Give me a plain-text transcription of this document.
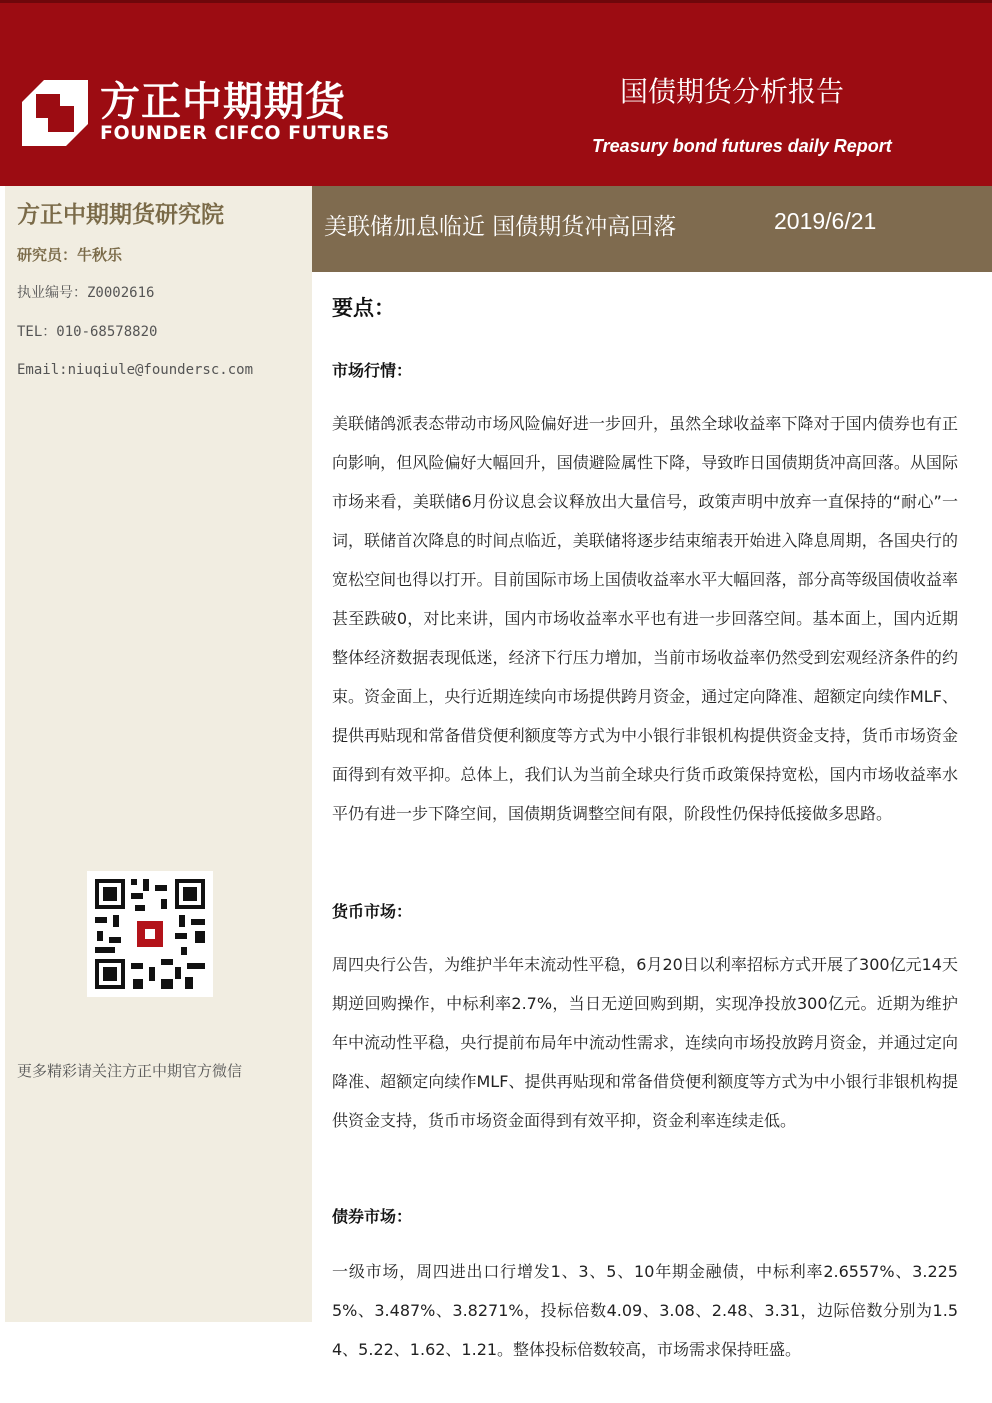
方正中期期货
FOUNDER CIFCO FUTURES
国债期货分析报告
Treasury bond futures daily Report
方正中期期货研究院
研究员：牛秋乐
执业编号：Z0002616
TEL：010-68578820
Email:niuqiule@foundersc.com
更多精彩请关注方正中期官方微信
美联储加息临近 国债期货冲高回落	2019/6/21
要点：
市场行情：
美联储鸽派表态带动市场风险偏好进一步回升，虽然全球收益率下降对于国内债券也有正向影响，但风险偏好大幅回升，国债避险属性下降，导致昨日国债期货冲高回落。从国际市场来看，美联储6月份议息会议释放出大量信号，政策声明中放弃一直保持的“耐心”一词，联储首次降息的时间点临近，美联储将逐步结束缩表开始进入降息周期，各国央行的宽松空间也得以打开。目前国际市场上国债收益率水平大幅回落，部分高等级国债收益率甚至跌破0，对比来讲，国内市场收益率水平也有进一步回落空间。基本面上，国内近期整体经济数据表现低迷，经济下行压力增加，当前市场收益率仍然受到宏观经济条件的约束。资金面上，央行近期连续向市场提供跨月资金，通过定向降准、超额定向续作MLF、提供再贴现和常备借贷便利额度等方式为中小银行非银机构提供资金支持，货币市场资金面得到有效平抑。总体上，我们认为当前全球央行货币政策保持宽松，国内市场收益率水平仍有进一步下降空间，国债期货调整空间有限，阶段性仍保持低接做多思路。
货币市场：
周四央行公告，为维护半年末流动性平稳，6月20日以利率招标方式开展了300亿元14天期逆回购操作，中标利率2.7%，当日无逆回购到期，实现净投放300亿元。近期为维护年中流动性平稳，央行提前布局年中流动性需求，连续向市场投放跨月资金，并通过定向降准、超额定向续作MLF、提供再贴现和常备借贷便利额度等方式为中小银行非银机构提供资金支持，货币市场资金面得到有效平抑，资金利率连续走低。
债券市场：
一级市场，周四进出口行增发1、3、5、10年期金融债，中标利率2.6557%、3.2255%、3.487%、3.8271%，投标倍数4.09、3.08、2.48、3.31，边际倍数分别为1.54、5.22、1.62、1.21。整体投标倍数较高，市场需求保持旺盛。
